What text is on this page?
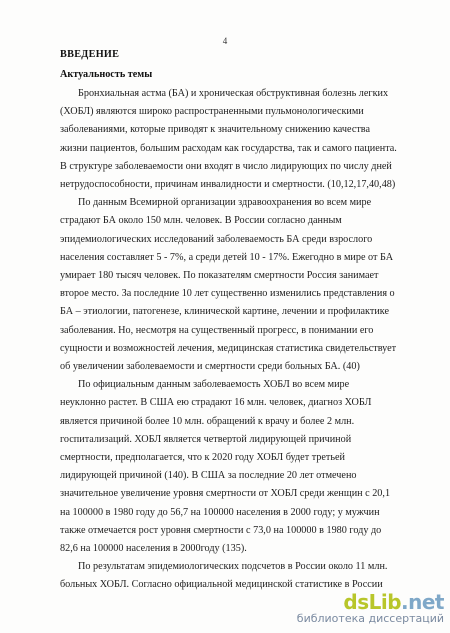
4
ВВЕДЕНИЕ
Актуальность темы
Бронхиальная астма (БА) и хроническая обструктивная болезнь легких
(ХОБЛ) являются широко распространенными пульмонологическими
заболеваниями, которые приводят к значительному снижению качества
жизни пациентов, большим расходам как государства, так и самого пациента.
В структуре заболеваемости они входят в число лидирующих по числу дней
нетрудоспособности, причинам инвалидности и смертности. (10,12,17,40,48)
По данным Всемирной организации здравоохранения во всем мире
страдают БА около 150 млн. человек. В России согласно данным
эпидемиологических исследований заболеваемость БА среди взрослого
населения составляет 5 - 7%, а среди детей 10 - 17%. Ежегодно в мире от БА
умирает 180 тысяч человек. По показателям смертности Россия занимает
второе место. За последние 10 лет существенно изменились представления о
БА – этиологии, патогенезе, клинической картине, лечении и профилактике
заболевания. Но, несмотря на существенный прогресс, в понимании его
сущности и возможностей лечения, медицинская статистика свидетельствует
об увеличении заболеваемости и смертности среди больных БА. (40)
По официальным данным заболеваемость ХОБЛ во всем мире
неуклонно растет. В США ею страдают 16 млн. человек, диагноз ХОБЛ
является причиной более 10 млн. обращений к врачу и более 2 млн.
госпитализаций. ХОБЛ является четвертой лидирующей причиной
смертности, предполагается, что к 2020 году ХОБЛ будет третьей
лидирующей причиной (140). В США за последние 20 лет отмечено
значительное увеличение уровня смертности от ХОБЛ среди женщин с 20,1
на 100000 в 1980 году до 56,7 на 100000 населения в 2000 году; у мужчин
также отмечается рост уровня смертности с 73,0 на 100000 в 1980 году до
82,6 на 100000 населения в 2000году (135).
По результатам эпидемиологических подсчетов в России около 11 млн.
больных ХОБЛ. Согласно официальной медицинской статистике в России
dsLib.net
библиотека диссертаций
